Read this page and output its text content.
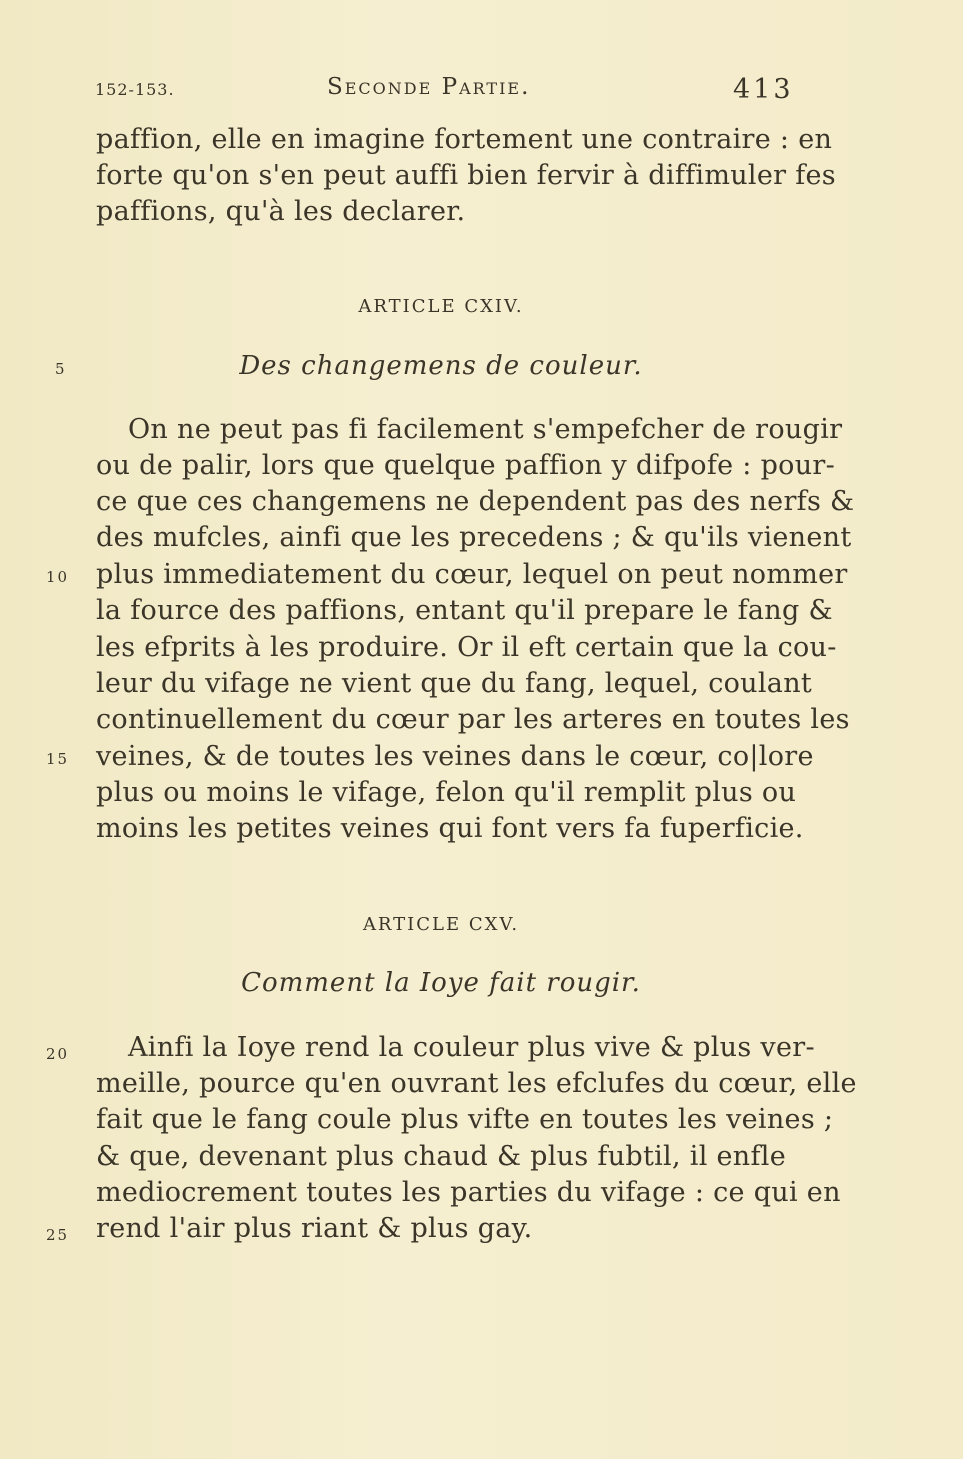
152-153.	Seconde Partie.	413
paffion, elle en imagine fortement une contraire : en
forte qu'on s'en peut auffi bien fervir à diffimuler fes
paffions, qu'à les declarer.
ARTICLE CXIV.
5	Des changemens de couleur.
On ne peut pas fi facilement s'empefcher de rougir
ou de palir, lors que quelque paffion y difpofe : pour-
ce que ces changemens ne dependent pas des nerfs &
des mufcles, ainfi que les precedens ; & qu'ils vienent
10 plus immediatement du cœur, lequel on peut nommer
la fource des paffions, entant qu'il prepare le fang &
les efprits à les produire. Or il eft certain que la cou-
leur du vifage ne vient que du fang, lequel, coulant
continuellement du cœur par les arteres en toutes les
15 veines, & de toutes les veines dans le cœur, co|lore
plus ou moins le vifage, felon qu'il remplit plus ou
moins les petites veines qui font vers fa fuperficie.
ARTICLE CXV.
Comment la Ioye fait rougir.
20 Ainfi la Ioye rend la couleur plus vive & plus ver-
meille, pource qu'en ouvrant les efclufes du cœur, elle
fait que le fang coule plus vifte en toutes les veines ;
& que, devenant plus chaud & plus fubtil, il enfle
mediocrement toutes les parties du vifage : ce qui en
25 rend l'air plus riant & plus gay.
